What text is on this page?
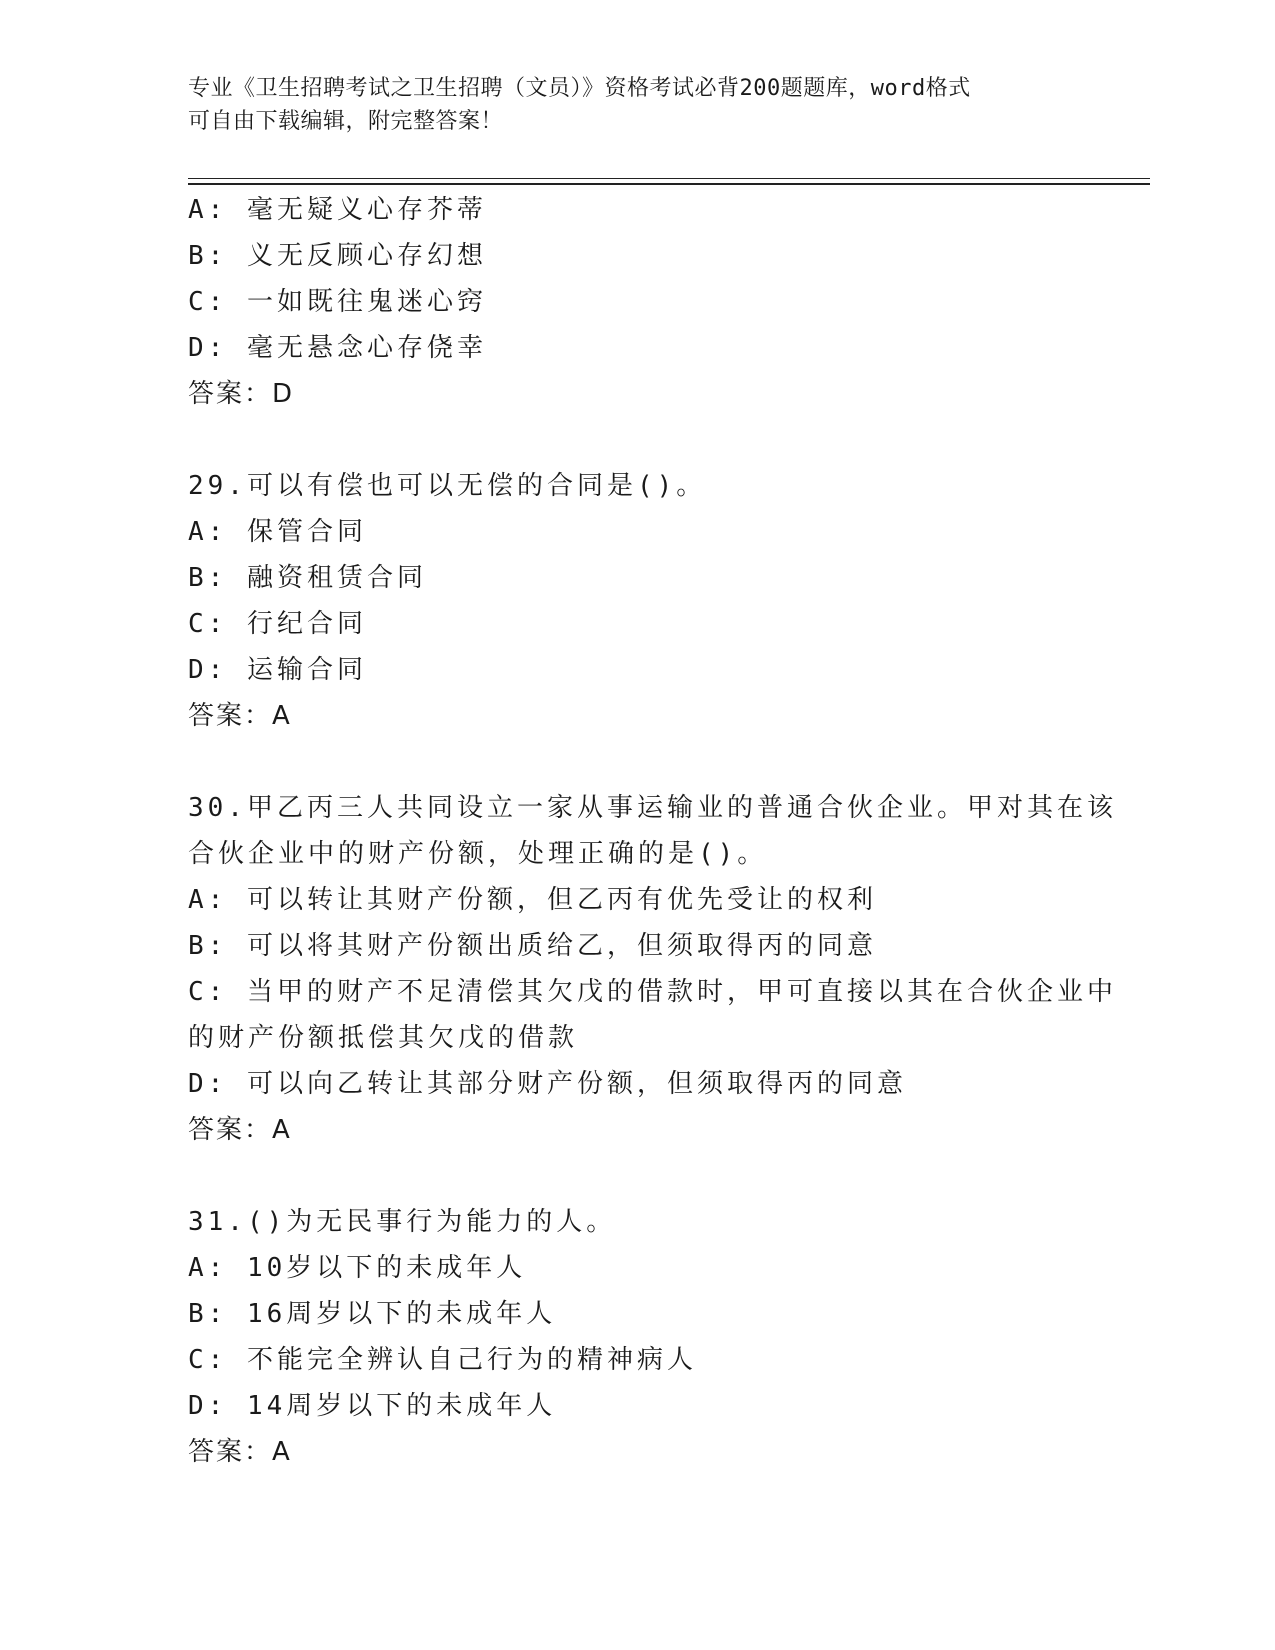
专业《卫生招聘考试之卫生招聘（文员）》资格考试必背200题题库，word格式
可自由下载编辑，附完整答案！
A: 毫无疑义心存芥蒂
B: 义无反顾心存幻想
C: 一如既往鬼迷心窍
D: 毫无悬念心存侥幸
答案：D
29.可以有偿也可以无偿的合同是()。
A: 保管合同
B: 融资租赁合同
C: 行纪合同
D: 运输合同
答案：A
30.甲乙丙三人共同设立一家从事运输业的普通合伙企业。甲对其在该
合伙企业中的财产份额，处理正确的是()。
A: 可以转让其财产份额，但乙丙有优先受让的权利
B: 可以将其财产份额出质给乙，但须取得丙的同意
C: 当甲的财产不足清偿其欠戊的借款时，甲可直接以其在合伙企业中
的财产份额抵偿其欠戊的借款
D: 可以向乙转让其部分财产份额，但须取得丙的同意
答案：A
31.()为无民事行为能力的人。
A: 10岁以下的未成年人
B: 16周岁以下的未成年人
C: 不能完全辨认自己行为的精神病人
D: 14周岁以下的未成年人
答案：A
